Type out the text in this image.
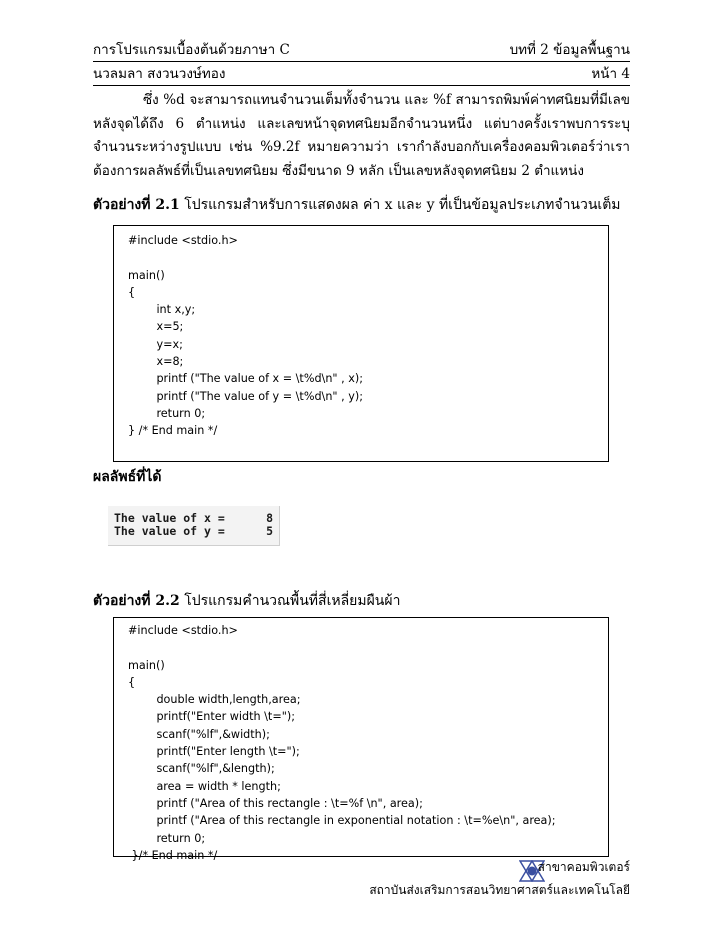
การโปรแกรมเบื้องต้นด้วยภาษา C	บทที่ 2 ข้อมูลพื้นฐาน
นวลมลา สงวนวงษ์ทอง	หน้า 4
ซึ่ง %d จะสามารถแทนจำนวนเต็มทั้งจำนวน และ %f สามารถพิมพ์ค่าทศนิยมที่มีเลขหลังจุดได้ถึง 6 ตำแหน่ง และเลขหน้าจุดทศนิยมอีกจำนวนหนึ่ง แต่บางครั้งเราพบการระบุจำนวนระหว่างรูปแบบ เช่น %9.2f หมายความว่า เรากำลังบอกกับเครื่องคอมพิวเตอร์ว่าเราต้องการผลลัพธ์ที่เป็นเลขทศนิยม ซึ่งมีขนาด 9 หลัก เป็นเลขหลังจุดทศนิยม 2 ตำแหน่ง
ตัวอย่างที่ 2.1 โปรแกรมสำหรับการแสดงผล ค่า x และ y ที่เป็นข้อมูลประเภทจำนวนเต็ม
#include <stdio.h>
main()
{
int x,y;
x=5;
y=x;
x=8;
printf ("The value of x = \t%d\n" , x);
printf ("The value of y = \t%d\n" , y);
return 0;
} /* End main */
ผลลัพธ์ที่ได้
The value of x =	8
The value of y =	5
ตัวอย่างที่ 2.2 โปรแกรมคำนวณพื้นที่สี่เหลี่ยมผืนผ้า
#include <stdio.h>
main()
{
double width,length,area;
printf("Enter width \t=");
scanf("%lf",&width);
printf("Enter length \t=");
scanf("%lf",&length);
area = width * length;
printf ("Area of this rectangle : \t=%f \n", area);
printf ("Area of this rectangle in exponential notation : \t=%e\n", area);
return 0;
}/* End main */
สาขาคอมพิวเตอร์
สถาบันส่งเสริมการสอนวิทยาศาสตร์และเทคโนโลยี
